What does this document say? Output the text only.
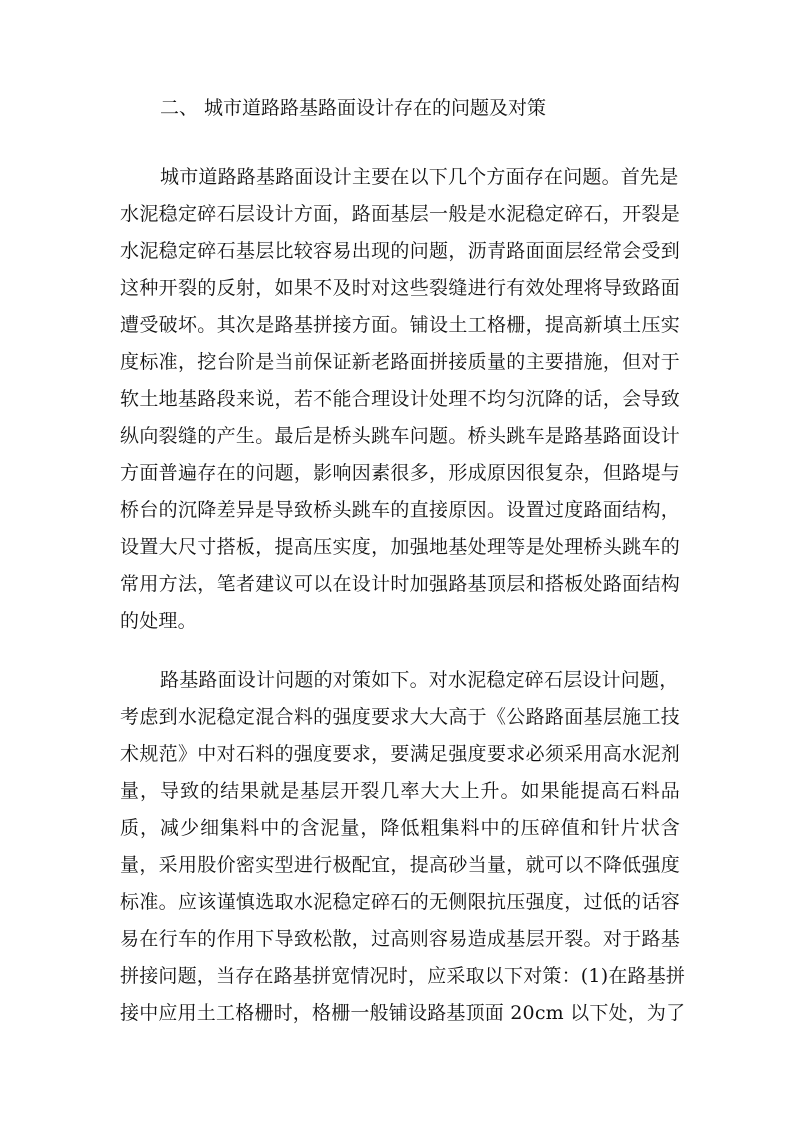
二、 城市道路路基路面设计存在的问题及对策
城市道路路基路面设计主要在以下几个方面存在问题。首先是
水泥稳定碎石层设计方面，路面基层一般是水泥稳定碎石，开裂是
水泥稳定碎石基层比较容易出现的问题，沥青路面面层经常会受到
这种开裂的反射，如果不及时对这些裂缝进行有效处理将导致路面
遭受破坏。其次是路基拼接方面。铺设土工格栅，提高新填土压实
度标准，挖台阶是当前保证新老路面拼接质量的主要措施，但对于
软土地基路段来说，若不能合理设计处理不均匀沉降的话，会导致
纵向裂缝的产生。最后是桥头跳车问题。桥头跳车是路基路面设计
方面普遍存在的问题，影响因素很多，形成原因很复杂，但路堤与
桥台的沉降差异是导致桥头跳车的直接原因。设置过度路面结构，
设置大尺寸搭板，提高压实度，加强地基处理等是处理桥头跳车的
常用方法，笔者建议可以在设计时加强路基顶层和搭板处路面结构
的处理。
路基路面设计问题的对策如下。对水泥稳定碎石层设计问题，
考虑到水泥稳定混合料的强度要求大大高于《公路路面基层施工技
术规范》中对石料的强度要求，要满足强度要求必须采用高水泥剂
量，导致的结果就是基层开裂几率大大上升。如果能提高石料品
质，减少细集料中的含泥量，降低粗集料中的压碎值和针片状含
量，采用股价密实型进行极配宜，提高砂当量，就可以不降低强度
标准。应该谨慎选取水泥稳定碎石的无侧限抗压强度，过低的话容
易在行车的作用下导致松散，过高则容易造成基层开裂。对于路基
拼接问题，当存在路基拼宽情况时，应采取以下对策：(1)在路基拼
接中应用土工格栅时，格栅一般铺设路基顶面 20cm 以下处，为了
